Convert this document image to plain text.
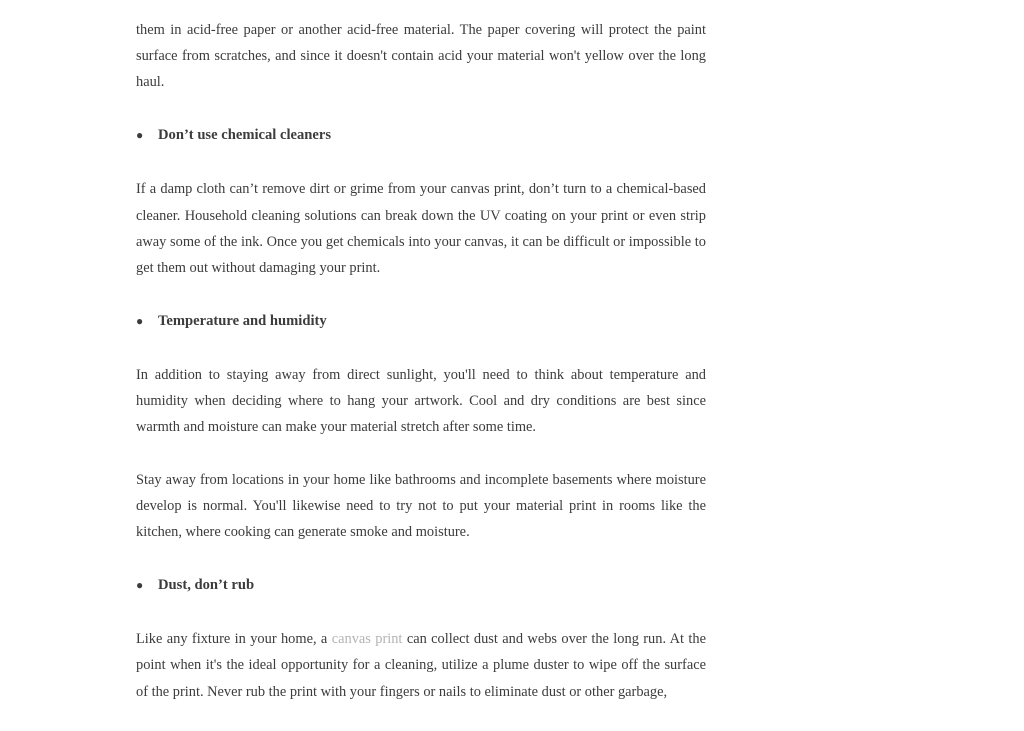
them in acid-free paper or another acid-free material. The paper covering will protect the paint surface from scratches, and since it doesn't contain acid your material won't yellow over the long haul.

●	Don’t use chemical cleaners

If a damp cloth can’t remove dirt or grime from your canvas print, don’t turn to a chemical-based cleaner. Household cleaning solutions can break down the UV coating on your print or even strip away some of the ink. Once you get chemicals into your canvas, it can be difficult or impossible to get them out without damaging your print.

●	Temperature and humidity

In addition to staying away from direct sunlight, you'll need to think about temperature and humidity when deciding where to hang your artwork. Cool and dry conditions are best since warmth and moisture can make your material stretch after some time.

Stay away from locations in your home like bathrooms and incomplete basements where moisture develop is normal. You'll likewise need to try not to put your material print in rooms like the kitchen, where cooking can generate smoke and moisture.

●	Dust, don’t rub

Like any fixture in your home, a canvas print can collect dust and webs over the long run. At the point when it's the ideal opportunity for a cleaning, utilize a plume duster to wipe off the surface of the print. Never rub the print with your fingers or nails to eliminate dust or other garbage,
